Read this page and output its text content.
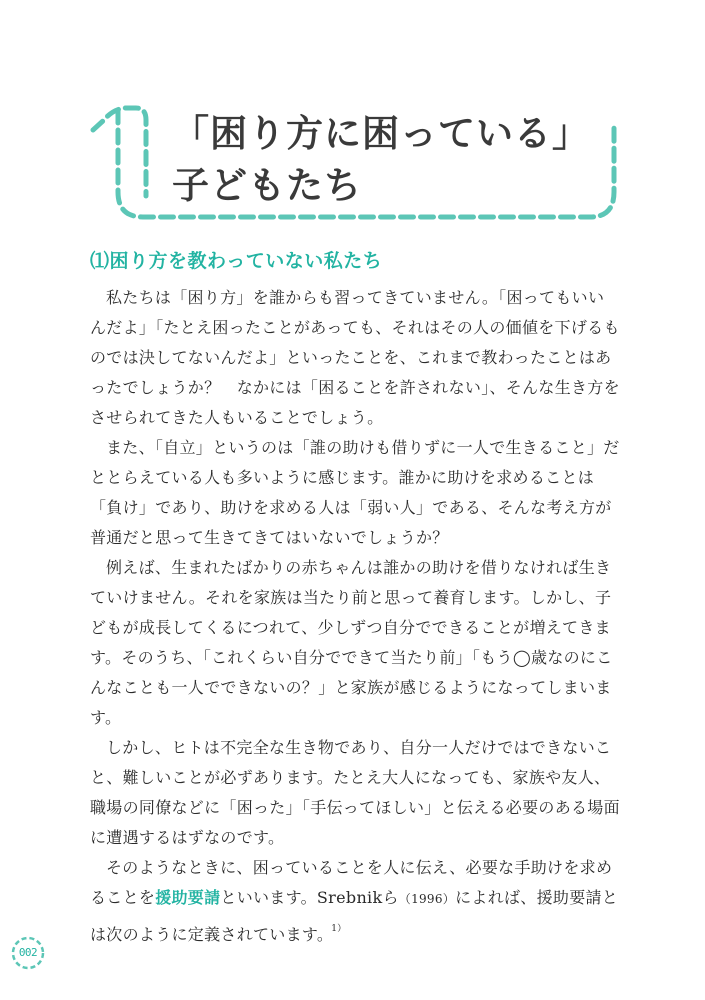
「困り方に困っている」
子どもたち
⑴困り方を教わっていない私たち

私たちは「困り方」を誰からも習ってきていません。「困ってもいいんだよ」「たとえ困ったことがあっても、それはその人の価値を下げるものでは決してないんだよ」といったことを、これまで教わったことはあったでしょうか？　なかには「困ることを許されない」、そんな生き方をさせられてきた人もいることでしょう。

また、「自立」というのは「誰の助けも借りずに一人で生きること」だととらえている人も多いように感じます。誰かに助けを求めることは「負け」であり、助けを求める人は「弱い人」である、そんな考え方が普通だと思って生きてきてはいないでしょうか？

例えば、生まれたばかりの赤ちゃんは誰かの助けを借りなければ生きていけません。それを家族は当たり前と思って養育します。しかし、子どもが成長してくるにつれて、少しずつ自分でできることが増えてきます。そのうち、「これくらい自分でできて当たり前」「もう◯歳なのにこんなことも一人でできないの？」と家族が感じるようになってしまいます。

しかし、ヒトは不完全な生き物であり、自分一人だけではできないこと、難しいことが必ずあります。たとえ大人になっても、家族や友人、職場の同僚などに「困った」「手伝ってほしい」と伝える必要のある場面に遭遇するはずなのです。

そのようなときに、困っていることを人に伝え、必要な手助けを求めることを援助要請といいます。Srebnikら（1996）によれば、援助要請とは次のように定義されています。$^{1)}$

002
